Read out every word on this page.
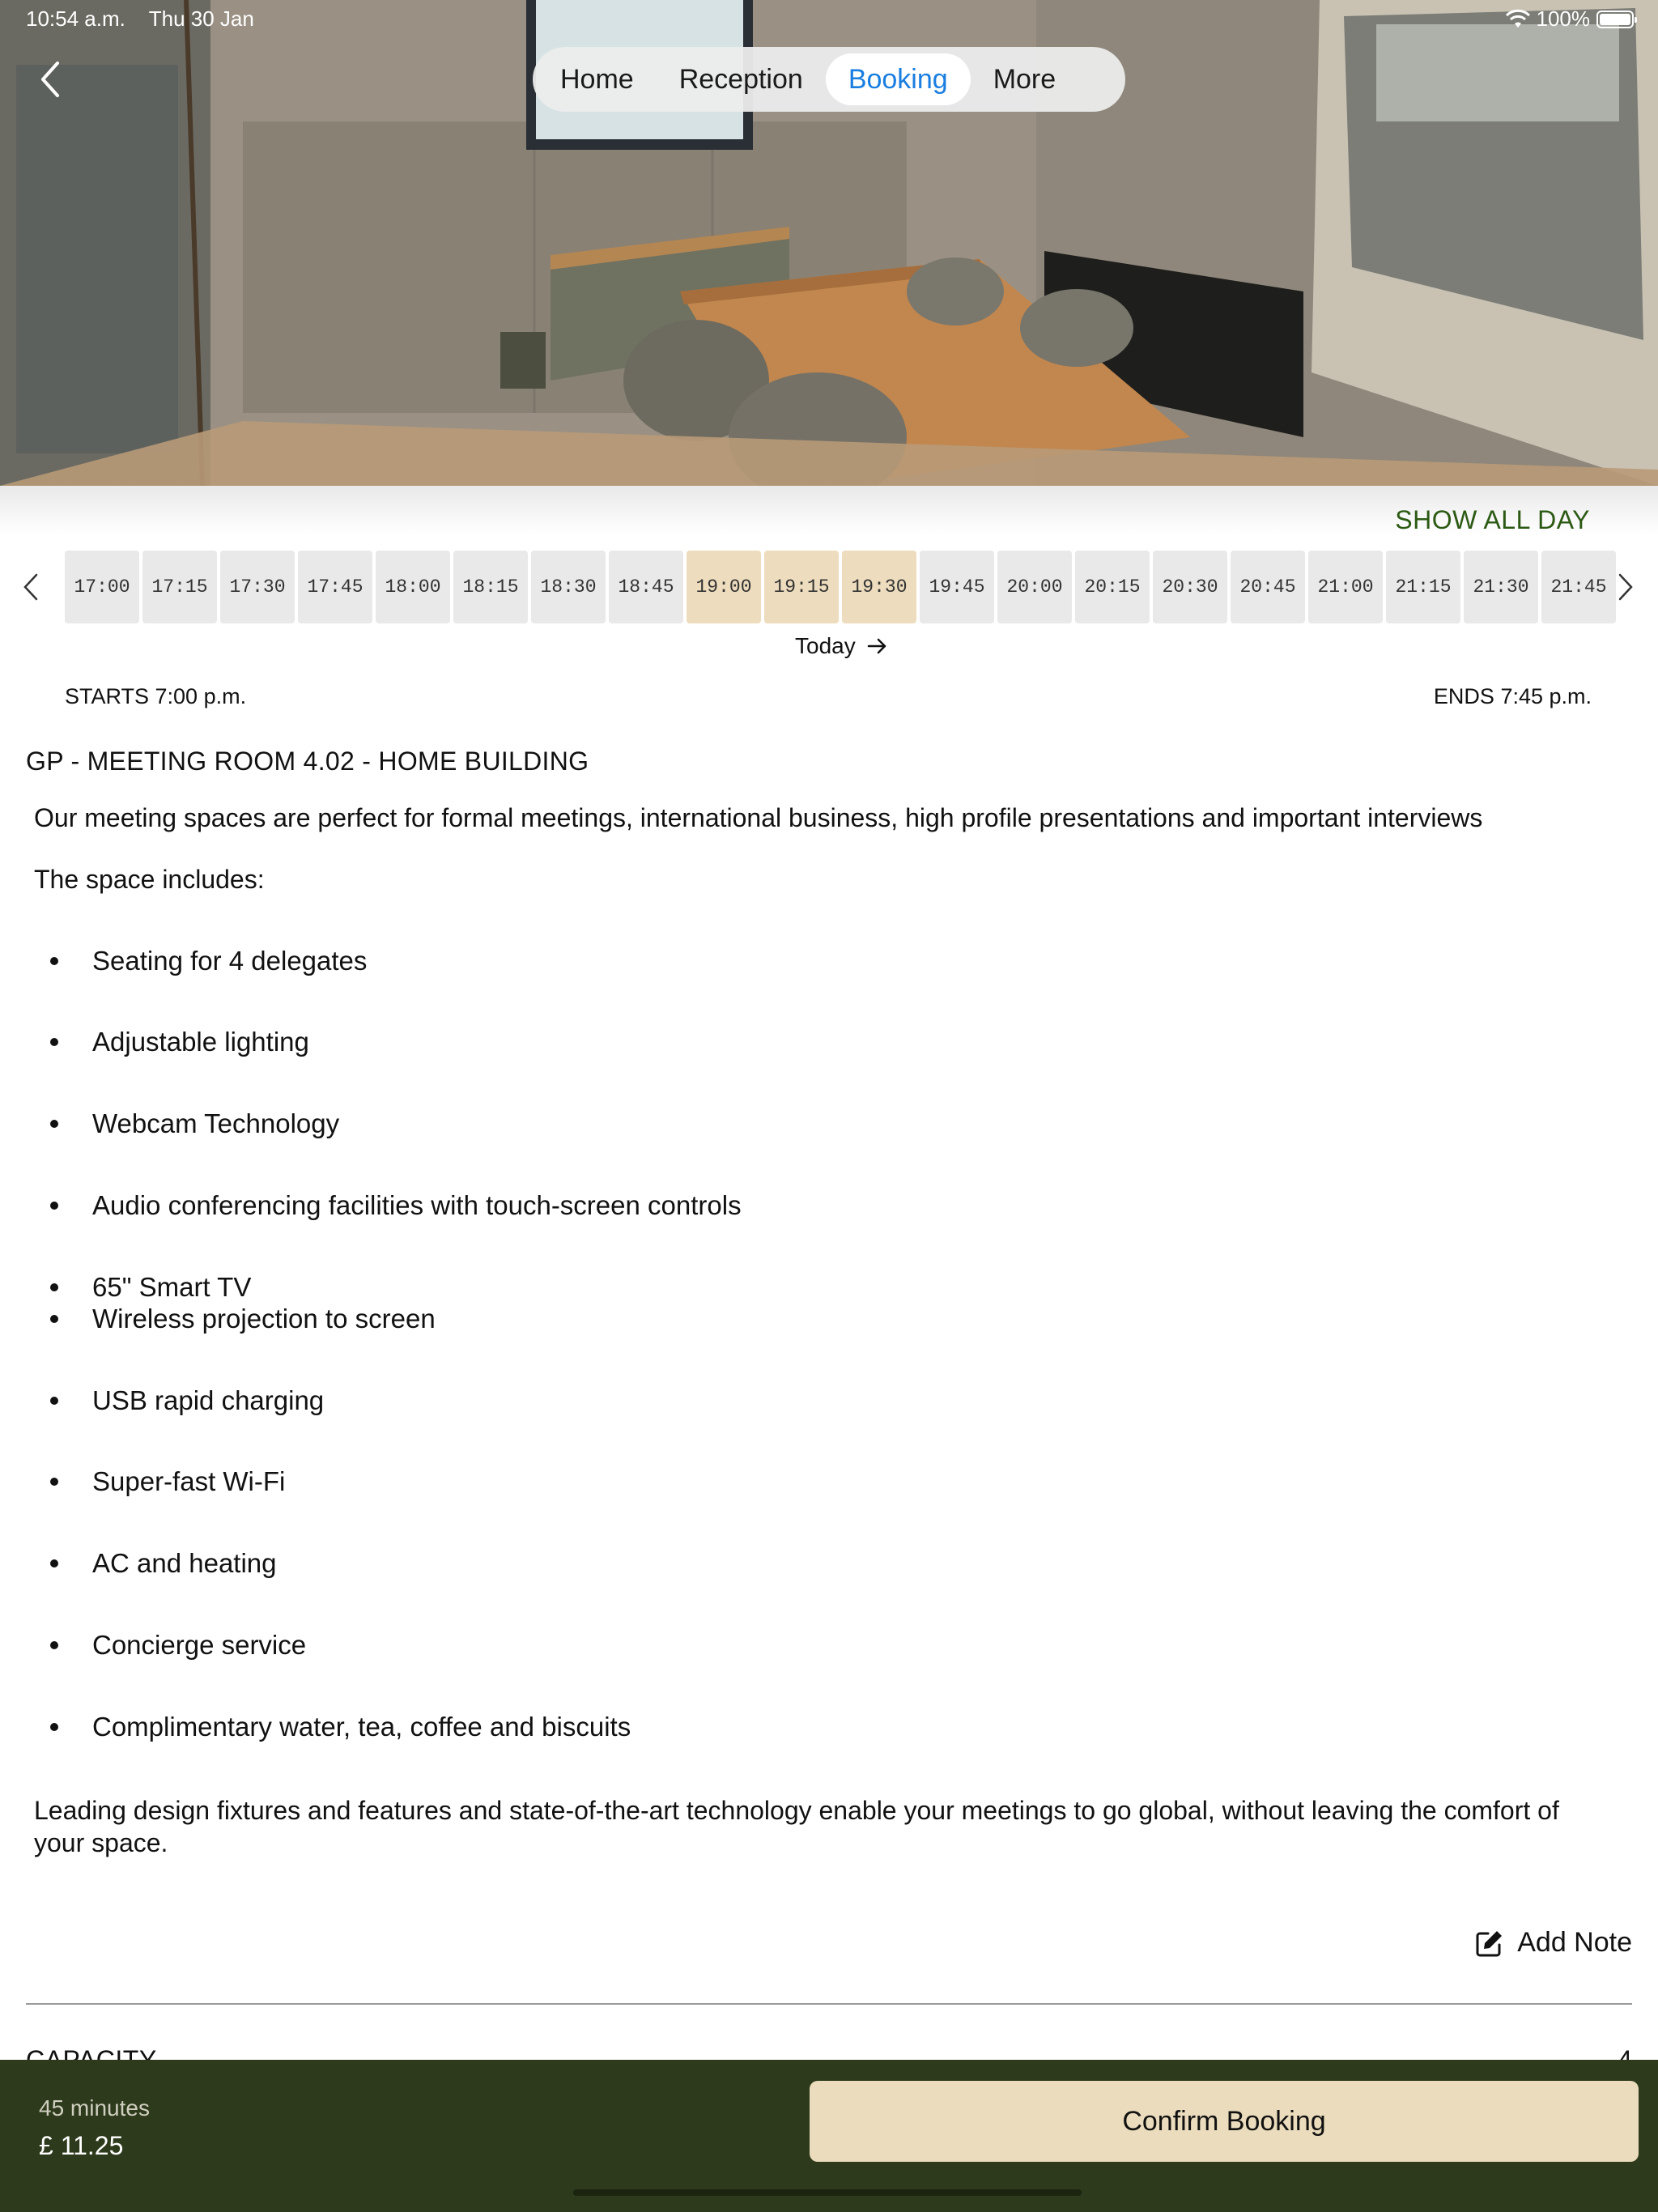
10:54 a.m. Thu 30 Jan	100%
Home	Reception	Booking	More
SHOW ALL DAY
17:00	17:15	17:30	17:45	18:00	18:15	18:30	18:45	19:00	19:15	19:30	19:45	20:00	20:15	20:30	20:45	21:00	21:15	21:30	21:45
Today
STARTS 7:00 p.m.	ENDS 7:45 p.m.
GP - MEETING ROOM 4.02 - HOME BUILDING
Our meeting spaces are perfect for formal meetings, international business, high profile presentations and important interviews
The space includes:
Seating for 4 delegates
Adjustable lighting
Webcam Technology
Audio conferencing facilities with touch-screen controls
65" Smart TV
Wireless projection to screen
USB rapid charging
Super-fast Wi-Fi
AC and heating
Concierge service
Complimentary water, tea, coffee and biscuits
Leading design fixtures and features and state-of-the-art technology enable your meetings to go global, without leaving the comfort of your space.
Add Note
45 minutes
£ 11.25
Confirm Booking
